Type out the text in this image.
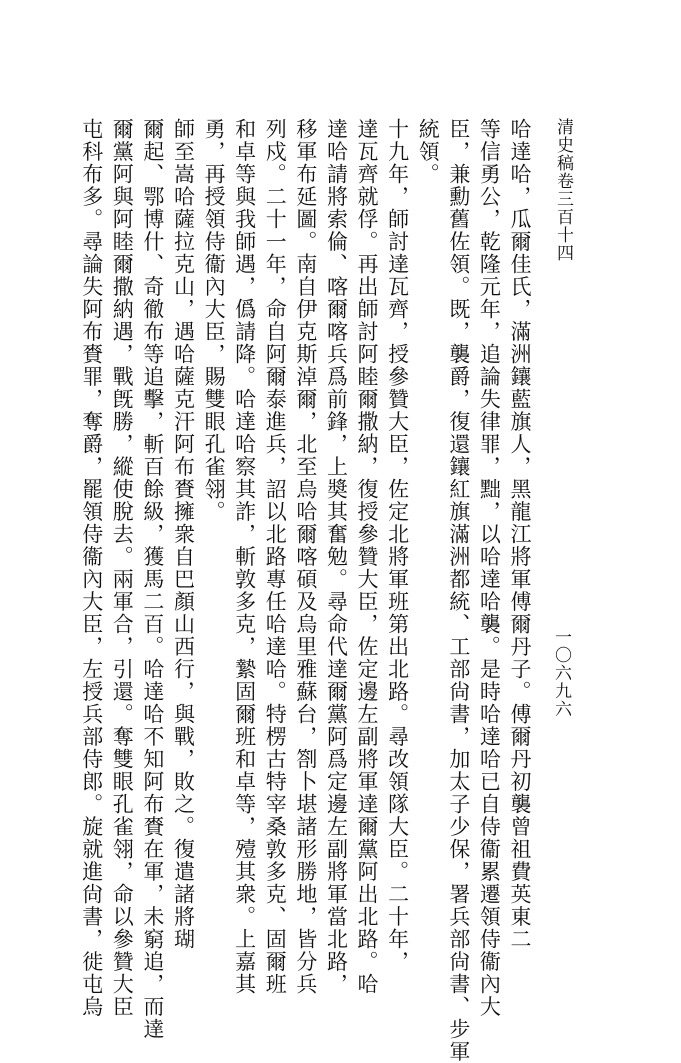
清史稿卷三百十四
一〇六九六
哈達哈，瓜爾佳氏，滿洲鑲藍旗人，黑龍江將軍傅爾丹子。傅爾丹初襲曾祖費英東二
等信勇公，乾隆元年，追論失律罪，黜，以哈達哈襲。是時哈達哈已自侍衞累遷領侍衞內大
臣，兼勳舊佐領。既，襲爵，復還鑲紅旗滿洲都統、工部尙書，加太子少保，署兵部尙書、步軍
統領。
十九年，師討達瓦齊，授參贊大臣，佐定北將軍班第出北路。尋改領隊大臣。二十年，
達瓦齊就俘。再出師討阿睦爾撒納，復授參贊大臣，佐定邊左副將軍達爾黨阿出北路。哈
達哈請將索倫、喀爾喀兵爲前鋒，上奬其奮勉。尋命代達爾黨阿爲定邊左副將軍當北路，
移軍布延圖。南自伊克斯淖爾，北至烏哈爾喀碩及烏里雅蘇台，劄卜堪諸形勝地，皆分兵
列戍。二十一年，命自阿爾泰進兵，詔以北路專任哈達哈。特楞古特宰桑敦多克、固爾班
和卓等與我師遇，僞請降。哈達哈察其詐，斬敦多克，縶固爾班和卓等，殪其衆。上嘉其
勇，再授領侍衞內大臣，賜雙眼孔雀翎。
師至嵩哈薩拉克山，遇哈薩克汗阿布賚擁衆自巴顏山西行，與戰，敗之。復遣諸將瑚
爾起、鄂博什、奇徹布等追擊，斬百餘級，獲馬二百。哈達哈不知阿布賚在軍，未窮追，而達
爾黨阿與阿睦爾撒納遇，戰旣勝，縱使脫去。兩軍合，引還。奪雙眼孔雀翎，命以參贊大臣
屯科布多。尋論失阿布賚罪，奪爵，罷領侍衞內大臣，左授兵部侍郎。旋就進尙書，徙屯烏
